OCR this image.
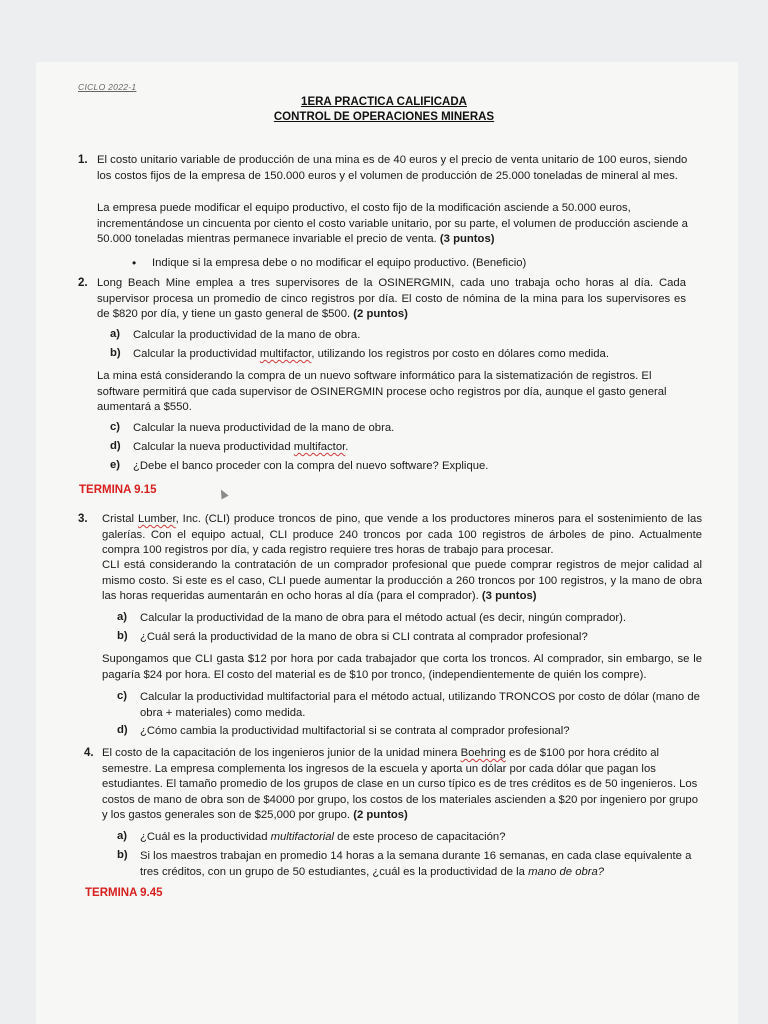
CICLO 2022-1
1ERA PRACTICA CALIFICADA
CONTROL DE OPERACIONES MINERAS
1. El costo unitario variable de producción de una mina es de 40 euros y el precio de venta unitario de 100 euros, siendo los costos fijos de la empresa de 150.000 euros y el volumen de producción de 25.000 toneladas de mineral al mes.
La empresa puede modificar el equipo productivo, el costo fijo de la modificación asciende a 50.000 euros, incrementándose un cincuenta por ciento el costo variable unitario, por su parte, el volumen de producción asciende a 50.000 toneladas mientras permanece invariable el precio de venta. (3 puntos)
• Indique si la empresa debe o no modificar el equipo productivo. (Beneficio)
2. Long Beach Mine emplea a tres supervisores de la OSINERGMIN, cada uno trabaja ocho horas al día. Cada supervisor procesa un promedio de cinco registros por día. El costo de nómina de la mina para los supervisores es de $820 por día, y tiene un gasto general de $500. (2 puntos)
a) Calcular la productividad de la mano de obra.
b) Calcular la productividad multifactor, utilizando los registros por costo en dólares como medida.
La mina está considerando la compra de un nuevo software informático para la sistematización de registros. El software permitirá que cada supervisor de OSINERGMIN procese ocho registros por día, aunque el gasto general aumentará a $550.
c) Calcular la nueva productividad de la mano de obra.
d) Calcular la nueva productividad multifactor.
e) ¿Debe el banco proceder con la compra del nuevo software? Explique.
TERMINA 9.15
3. Cristal Lumber, Inc. (CLI) produce troncos de pino, que vende a los productores mineros para el sostenimiento de las galerías. Con el equipo actual, CLI produce 240 troncos por cada 100 registros de árboles de pino. Actualmente compra 100 registros por día, y cada registro requiere tres horas de trabajo para procesar.
CLI está considerando la contratación de un comprador profesional que puede comprar registros de mejor calidad al mismo costo. Si este es el caso, CLI puede aumentar la producción a 260 troncos por 100 registros, y la mano de obra las horas requeridas aumentarán en ocho horas al día (para el comprador). (3 puntos)
a) Calcular la productividad de la mano de obra para el método actual (es decir, ningún comprador).
b) ¿Cuál será la productividad de la mano de obra si CLI contrata al comprador profesional?
Supongamos que CLI gasta $12 por hora por cada trabajador que corta los troncos. Al comprador, sin embargo, se le pagaría $24 por hora. El costo del material es de $10 por tronco, (independientemente de quién los compre).
c) Calcular la productividad multifactorial para el método actual, utilizando TRONCOS por costo de dólar (mano de obra + materiales) como medida.
d) ¿Cómo cambia la productividad multifactorial si se contrata al comprador profesional?
4. El costo de la capacitación de los ingenieros junior de la unidad minera Boehring es de $100 por hora crédito al semestre. La empresa complementa los ingresos de la escuela y aporta un dólar por cada dólar que pagan los estudiantes. El tamaño promedio de los grupos de clase en un curso típico es de tres créditos es de 50 ingenieros. Los costos de mano de obra son de $4000 por grupo, los costos de los materiales ascienden a $20 por ingeniero por grupo y los gastos generales son de $25,000 por grupo. (2 puntos)
a) ¿Cuál es la productividad multifactorial de este proceso de capacitación?
b) Si los maestros trabajan en promedio 14 horas a la semana durante 16 semanas, en cada clase equivalente a tres créditos, con un grupo de 50 estudiantes, ¿cuál es la productividad de la mano de obra?
TERMINA 9.45
